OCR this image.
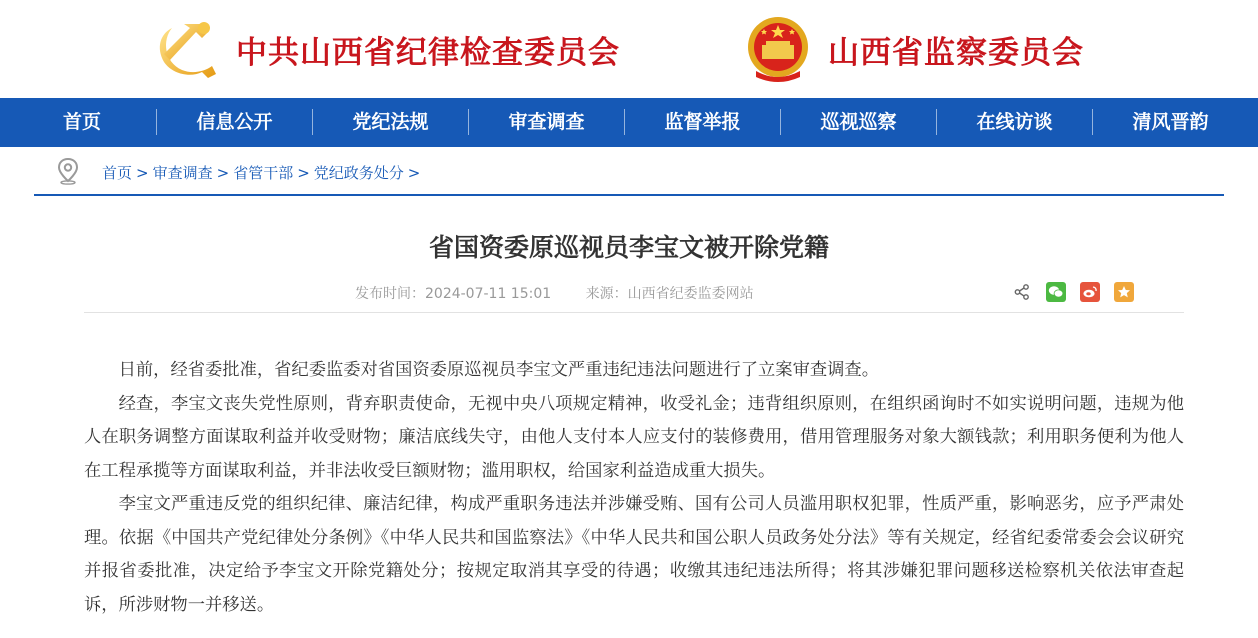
中共山西省纪律检查委员会	山西省监察委员会
首页	信息公开	党纪法规	审查调查	监督举报	巡视巡察	在线访谈	清风晋韵
首页 > 审查调查 > 省管干部 > 党纪政务处分 >
省国资委原巡视员李宝文被开除党籍
发布时间：2024-07-11 15:01 来源：山西省纪委监委网站

日前，经省委批准，省纪委监委对省国资委原巡视员李宝文严重违纪违法问题进行了立案审查调查。

经查，李宝文丧失党性原则，背弃职责使命，无视中央八项规定精神，收受礼金；违背组织原则，在组织函询时不如实说明问题，违规为他人在职务调整方面谋取利益并收受财物；廉洁底线失守，由他人支付本人应支付的装修费用，借用管理服务对象大额钱款；利用职务便利为他人在工程承揽等方面谋取利益，并非法收受巨额财物；滥用职权，给国家利益造成重大损失。

李宝文严重违反党的组织纪律、廉洁纪律，构成严重职务违法并涉嫌受贿、国有公司人员滥用职权犯罪，性质严重，影响恶劣，应予严肃处理。依据《中国共产党纪律处分条例》《中华人民共和国监察法》《中华人民共和国公职人员政务处分法》等有关规定，经省纪委常委会会议研究并报省委批准，决定给予李宝文开除党籍处分；按规定取消其享受的待遇；收缴其违纪违法所得；将其涉嫌犯罪问题移送检察机关依法审查起诉，所涉财物一并移送。
